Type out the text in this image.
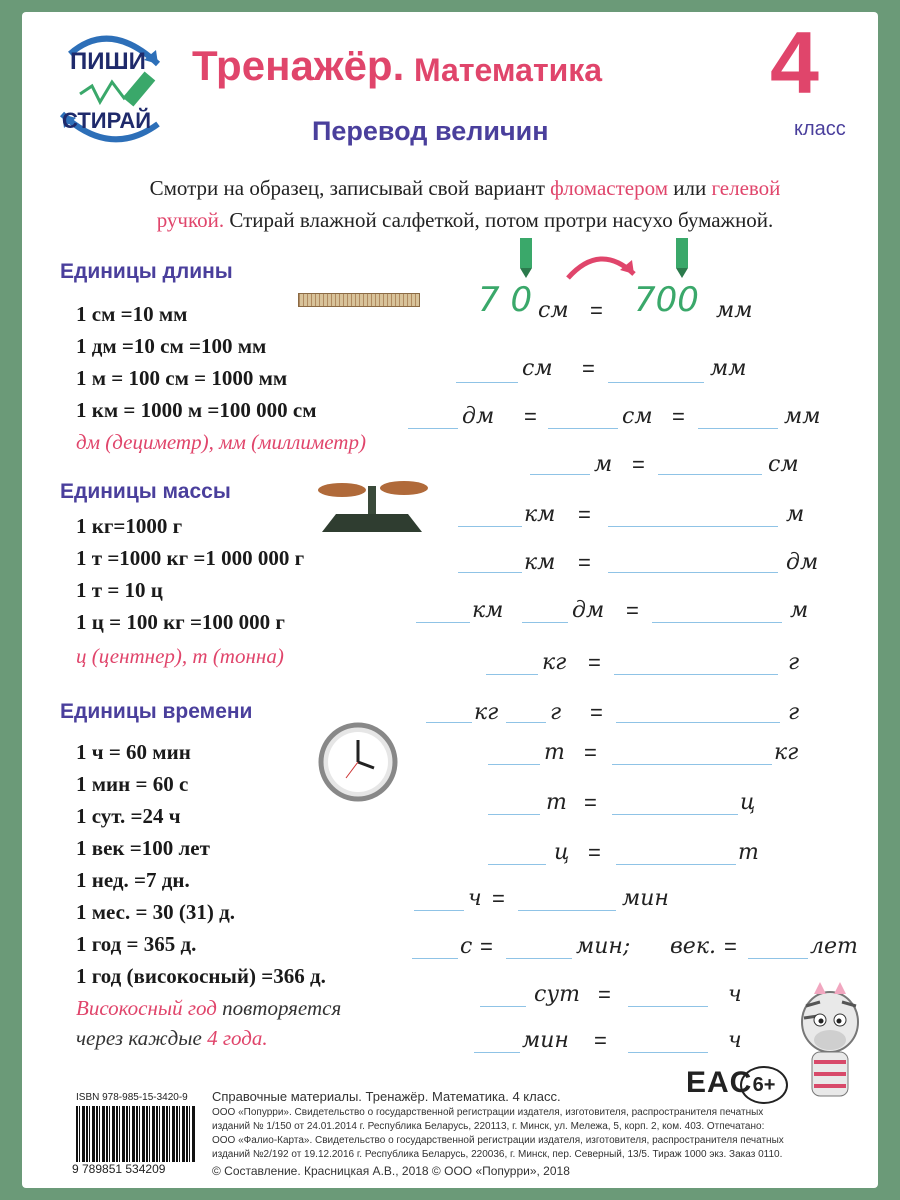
ПИШИ
СТИРАЙ
Тренажёр. Математика 4
класс
Перевод величин
Смотри на образец, записывай свой вариант фломастером или гелевой
ручкой. Стирай влажной салфеткой, потом протри насухо бумажной.
Единицы длины
1 см =10 мм
1 дм =10 см =100 мм
1 м = 100 см = 1000 мм
1 км = 1000 м =100 000 см
дм (дециметр), мм (миллиметр)
Единицы массы
1 кг=1000 г
1 т =1000 кг =1 000 000 г
1 т = 10 ц
1 ц = 100 кг =100 000 г
ц (центнер), т (тонна)
Единицы времени
1 ч = 60 мин
1 мин = 60 с
1 сут. =24 ч
1 век =100 лет
1 нед. =7 дн.
1 мес. = 30 (31) д.
1 год = 365 д.
1 год (високосный) =366 д.
Високосный год повторяется
через каждые 4 года.
7 0 см = 700 мм
см =	мм
дм =	см =	мм
м =	см
км =	м
км =	дм
км	дм =	м
кг =	г
кг г =	г
т =	кг
т =	ц
ц =	т
ч =	мин
с =	мин; век. =	лет
сут =	ч
мин =	ч
EAC 6+
ISBN 978-985-15-3420-9
9 789851 534209
Справочные материалы. Тренажёр. Математика. 4 класс.
ООО «Попурри». Свидетельство о государственной регистрации издателя, изготовителя, распространителя печатных
изданий № 1/150 от 24.01.2014 г. Республика Беларусь, 220113, г. Минск, ул. Мележа, 5, корп. 2, ком. 403. Отпечатано:
ООО «Фалио-Карта». Свидетельство о государственной регистрации издателя, изготовителя, распространителя печатных
изданий №2/192 от 19.12.2016 г. Республика Беларусь, 220036, г. Минск, пер. Северный, 13/5. Тираж 1000 экз. Заказ 0110.
© Составление. Красницкая А.В., 2018 © ООО «Попурри», 2018
